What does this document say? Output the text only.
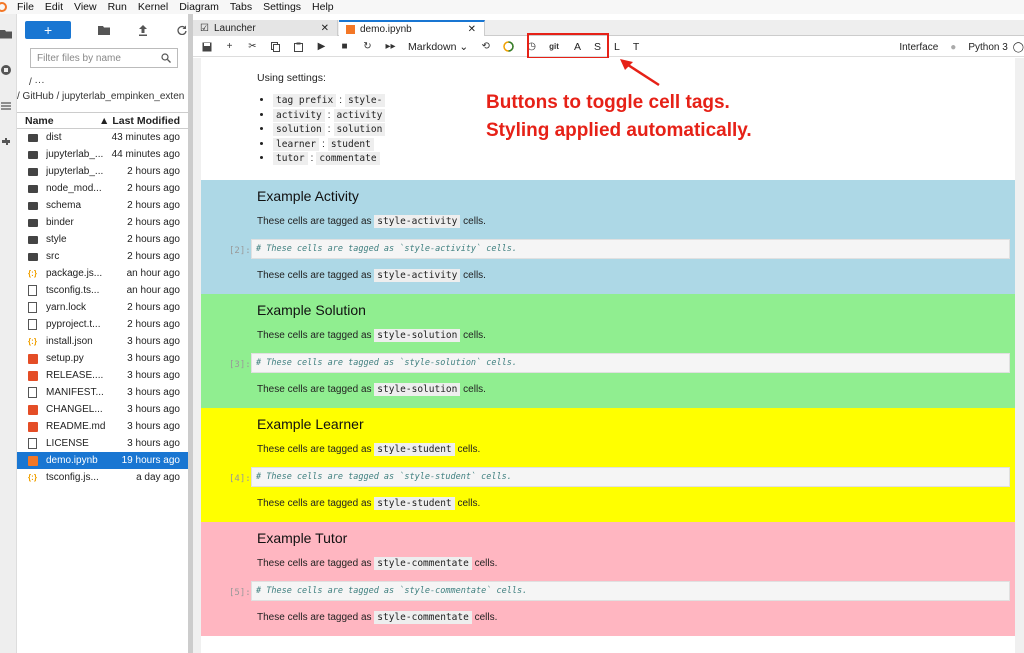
File Edit View Run Kernel Diagram Tabs Settings Help
+
Filter files by name
/ ···
/ GitHub / jupyterlab_empinken_exten
Name	▲ Last Modified
dist	43 minutes ago
jupyterlab_... 44 minutes ago
jupyterlab_...	2 hours ago
node_mod...	2 hours ago
schema	2 hours ago
binder	2 hours ago
style	2 hours ago
src	2 hours ago
{:} package.js...	an hour ago
tsconfig.ts...	an hour ago
yarn.lock	2 hours ago
pyproject.t...	2 hours ago
{:} install.json	3 hours ago
setup.py	3 hours ago
RELEASE....	3 hours ago
MANIFEST...	3 hours ago
CHANGEL...	3 hours ago
README.md	3 hours ago
LICENSE	3 hours ago
demo.ipynb	19 hours ago
{:} tsconfig.js...	a day ago
☑ Launcher	✕	demo.ipynb	✕
+ ✂	▶ ■ ↻ ▸▸ Markdown ⌄ ⟲	◷ git A S L T	Interface ● Python 3 ◯
Using settings:
• tag prefix : style-
• activity : activity
• solution : solution
• learner : student
• tutor : commentate
Buttons to toggle cell tags.
Styling applied automatically.
Example Activity
These cells are tagged as style-activity cells.
[2]: # These cells are tagged as `style-activity` cells.
These cells are tagged as style-activity cells.
Example Solution
These cells are tagged as style-solution cells.
[3]: # These cells are tagged as `style-solution` cells.
These cells are tagged as style-solution cells.
Example Learner
These cells are tagged as style-student cells.
[4]: # These cells are tagged as `style-student` cells.
These cells are tagged as style-student cells.
Example Tutor
These cells are tagged as style-commentate cells.
[5]: # These cells are tagged as `style-commentate` cells.
These cells are tagged as style-commentate cells.
